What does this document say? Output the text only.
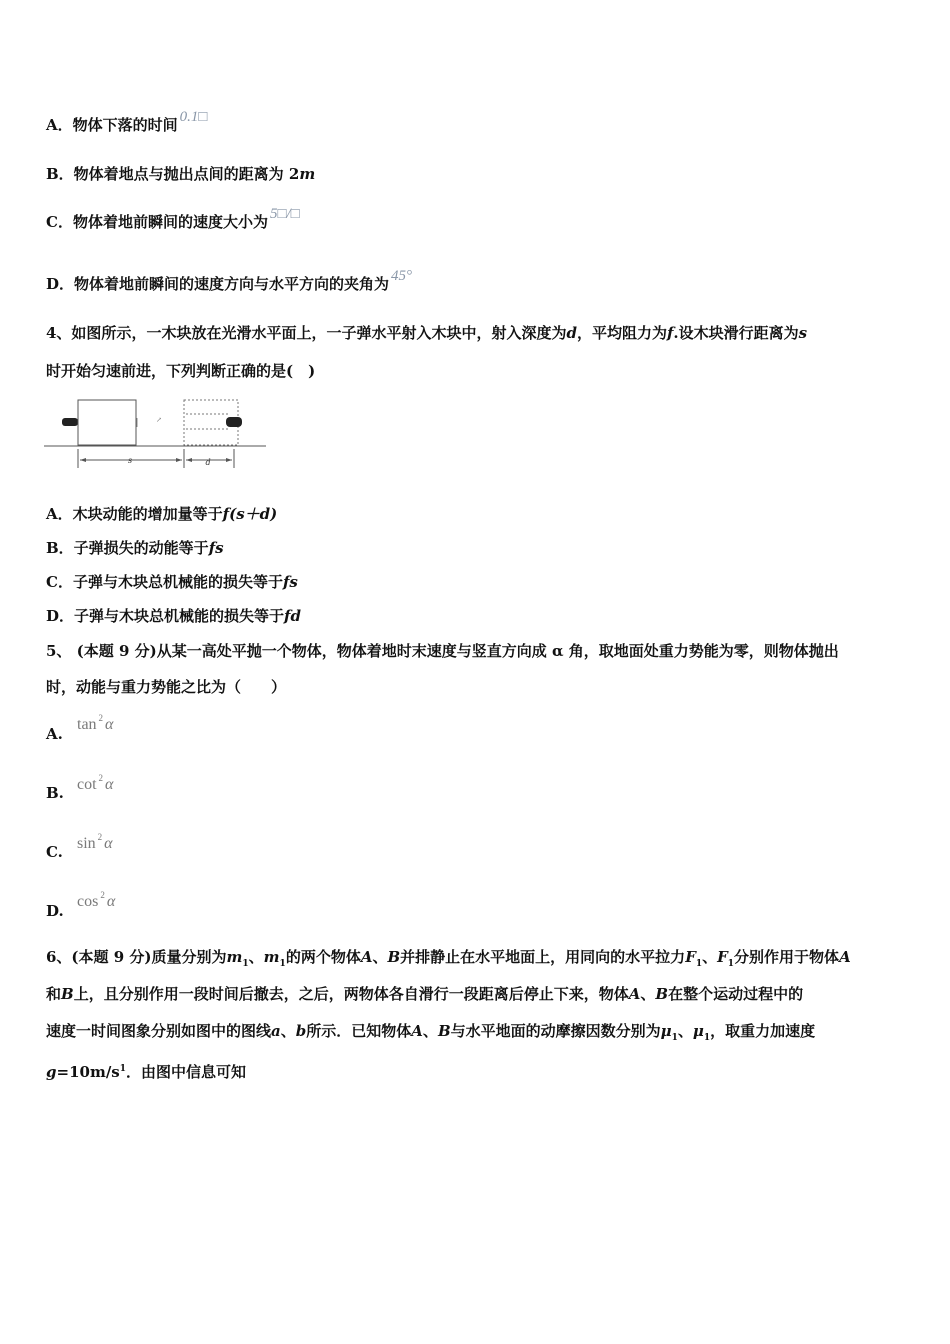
A．物体下落的时间 0.1□
B．物体着地点与抛出点间的距离为 2m
C．物体着地前瞬间的速度大小为 5□/□
D．物体着地前瞬间的速度方向与水平方向的夹角为 45°
4、如图所示，一木块放在光滑水平面上，一子弹水平射入木块中，射入深度为d，平均阻力为f.设木块滑行距离为s
时开始匀速前进，下列判断正确的是(　)
↗
s	d
A．木块动能的增加量等于f(s＋d)
B．子弹损失的动能等于fs
C．子弹与木块总机械能的损失等于fs
D．子弹与木块总机械能的损失等于fd
5、 (本题 9 分)从某一高处平抛一个物体，物体着地时末速度与竖直方向成 α 角，取地面处重力势能为零，则物体抛出
时，动能与重力势能之比为（　　）
A.
tan $^2$ α
B. cot $^2$ α
C. sin $^2$ α
D.
cos $^2$ α
6、(本题 9 分)质量分别为$m_1$、$m_1$的两个物体A、B并排静止在水平地面上，用同向的水平拉力$F_1$、$F_1$分别作用于物体A
和B上，且分别作用一段时间后撤去，之后，两物体各自滑行一段距离后停止下来，物体A、B在整个运动过程中的
速度一时间图象分别如图中的图线a、b所示．已知物体A、B与水平地面的动摩擦因数分别为$\mu_1$、$\mu_1$，取重力加速度
$g=10m/s^1$．由图中信息可知
